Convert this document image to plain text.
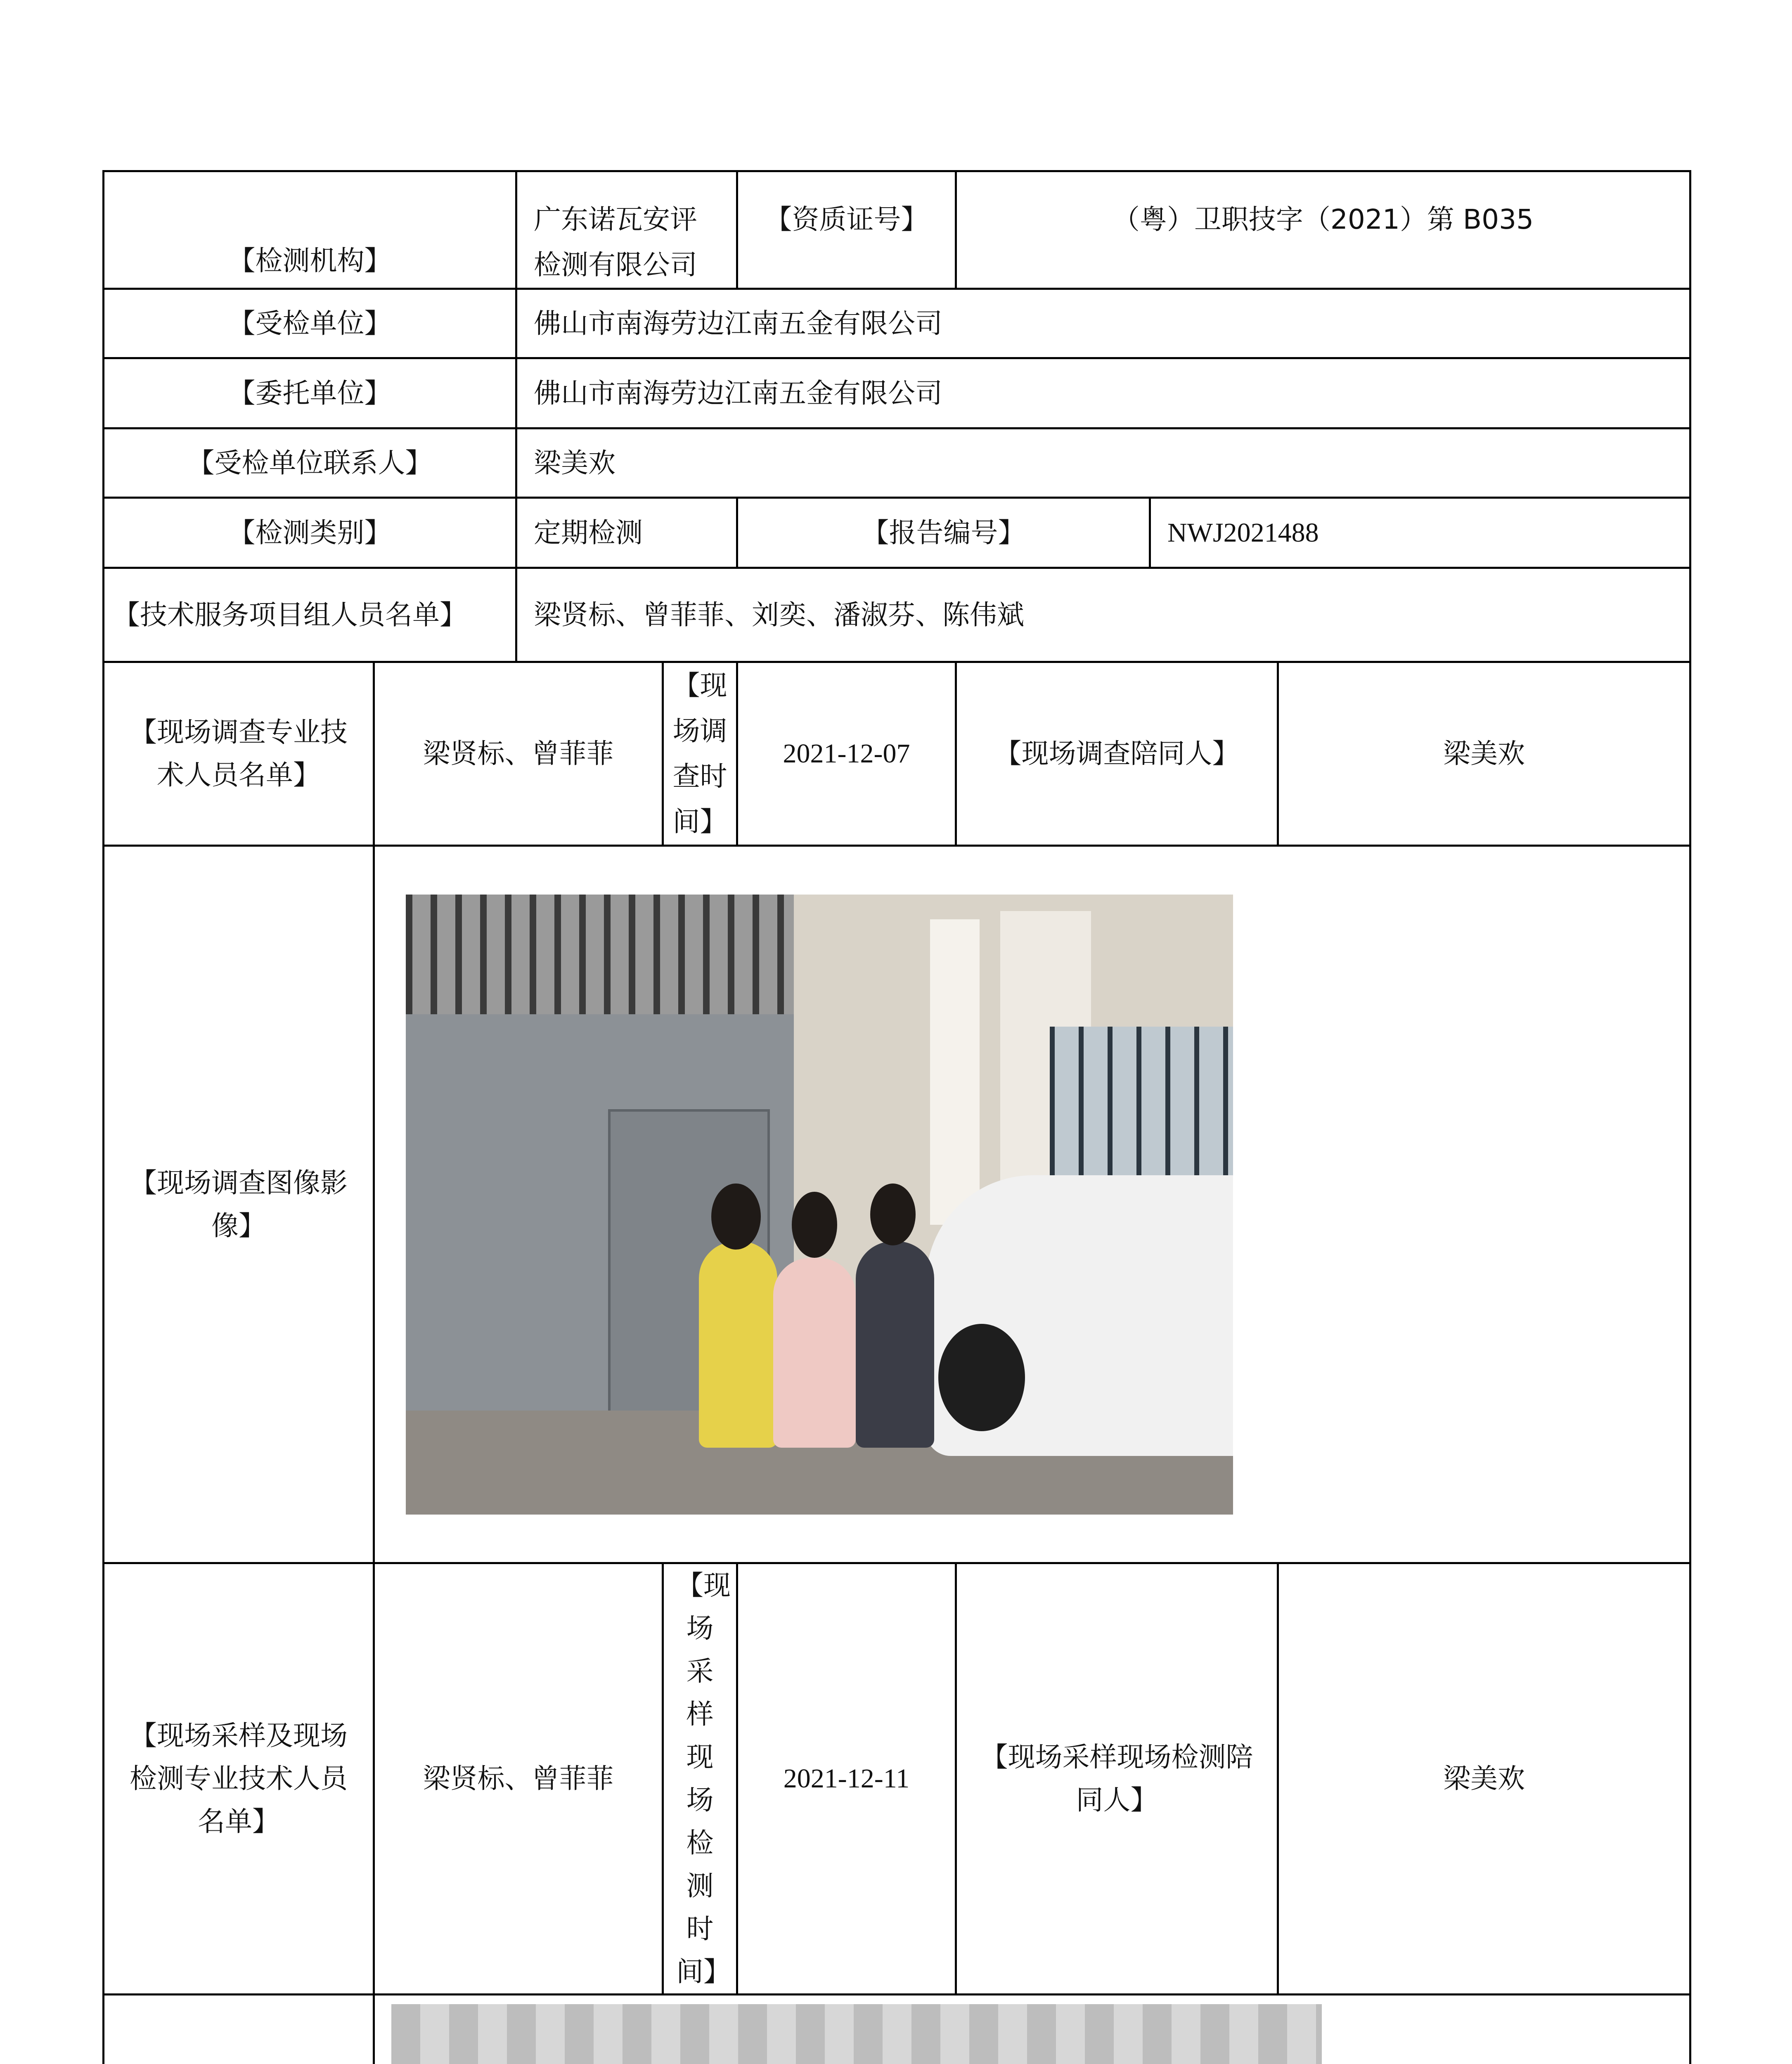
【检测机构】		广东诺瓦安评检测有限公司		【资质证号】	（粤）卫职技字（2021）第 B035		
【受检单位】		佛山市南海劳边江南五金有限公司					
【委托单位】		佛山市南海劳边江南五金有限公司					
【受检单位联系人】		梁美欢					
【检测类别】		定期检测		【报告编号】		NWJ2021488	
【技术服务项目组人员名单】		梁贤标、曾菲菲、刘奕、潘淑芬、陈伟斌					
【现场调查专业技术人员名单】	梁贤标、曾菲菲		【现场调查时间】	2021-12-07	【现场调查陪同人】		梁美欢
【现场调查图像影像】							

【现场采样及现场检测专业技术人员名单】	梁贤标、曾菲菲		【现场采样现场检测时间】	2021-12-11	【现场采样现场检测陪同人】		梁美欢
